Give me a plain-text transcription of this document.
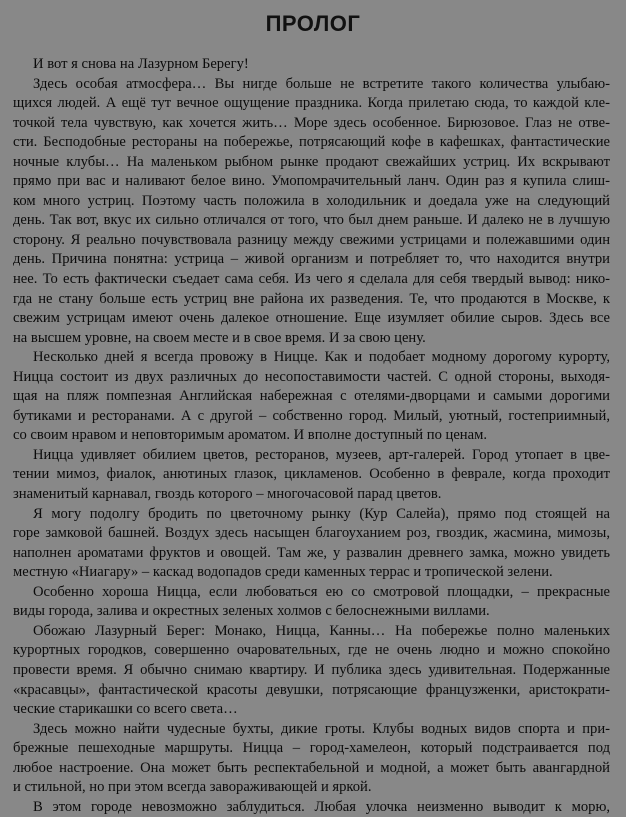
ПРОЛОГ
И вот я снова на Лазурном Берегу!
Здесь особая атмосфера… Вы нигде больше не встретите такого количества улыбаю-
щихся людей. А ещё тут вечное ощущение праздника. Когда прилетаю сюда, то каждой кле-
точкой тела чувствую, как хочется жить… Море здесь особенное. Бирюзовое. Глаз не отве-
сти. Бесподобные рестораны на побережье, потрясающий кофе в кафешках, фантастические
ночные клубы… На маленьком рыбном рынке продают свежайших устриц. Их вскрывают
прямо при вас и наливают белое вино. Умопомрачительный ланч. Один раз я купила слиш-
ком много устриц. Поэтому часть положила в холодильник и доедала уже на следующий
день. Так вот, вкус их сильно отличался от того, что был днем раньше. И далеко не в лучшую
сторону. Я реально почувствовала разницу между свежими устрицами и полежавшими один
день. Причина понятна: устрица – живой организм и потребляет то, что находится внутри
нее. То есть фактически съедает сама себя. Из чего я сделала для себя твердый вывод: нико-
гда не стану больше есть устриц вне района их разведения. Те, что продаются в Москве, к
свежим устрицам имеют очень далекое отношение. Еще изумляет обилие сыров. Здесь все
на высшем уровне, на своем месте и в свое время. И за свою цену.
Несколько дней я всегда провожу в Ницце. Как и подобает модному дорогому курорту,
Ницца состоит из двух различных до несопоставимости частей. С одной стороны, выходя-
щая на пляж помпезная Английская набережная с отелями-дворцами и самыми дорогими
бутиками и ресторанами. А с другой – собственно город. Милый, уютный, гостеприимный,
со своим нравом и неповторимым ароматом. И вполне доступный по ценам.
Ницца удивляет обилием цветов, ресторанов, музеев, арт-галерей. Город утопает в цве-
тении мимоз, фиалок, анютиных глазок, цикламенов. Особенно в феврале, когда проходит
знаменитый карнавал, гвоздь которого – многочасовой парад цветов.
Я могу подолгу бродить по цветочному рынку (Кур Салейа), прямо под стоящей на
горе замковой башней. Воздух здесь насыщен благоуханием роз, гвоздик, жасмина, мимозы,
наполнен ароматами фруктов и овощей. Там же, у развалин древнего замка, можно увидеть
местную «Ниагару» – каскад водопадов среди каменных террас и тропической зелени.
Особенно хороша Ницца, если любоваться ею со смотровой площадки, – прекрасные
виды города, залива и окрестных зеленых холмов с белоснежными виллами.
Обожаю Лазурный Берег: Монако, Ницца, Канны… На побережье полно маленьких
курортных городков, совершенно очаровательных, где не очень людно и можно спокойно
провести время. Я обычно снимаю квартиру. И публика здесь удивительная. Подержанные
«красавцы», фантастической красоты девушки, потрясающие французженки, аристократи-
ческие старикашки со всего света…
Здесь можно найти чудесные бухты, дикие гроты. Клубы водных видов спорта и при-
брежные пешеходные маршруты. Ницца – город-хамелеон, который подстраивается под
любое настроение. Она может быть респектабельной и модной, а может быть авангардной
и стильной, но при этом всегда завораживающей и яркой.
В этом городе невозможно заблудиться. Любая улочка неизменно выводит к морю,
